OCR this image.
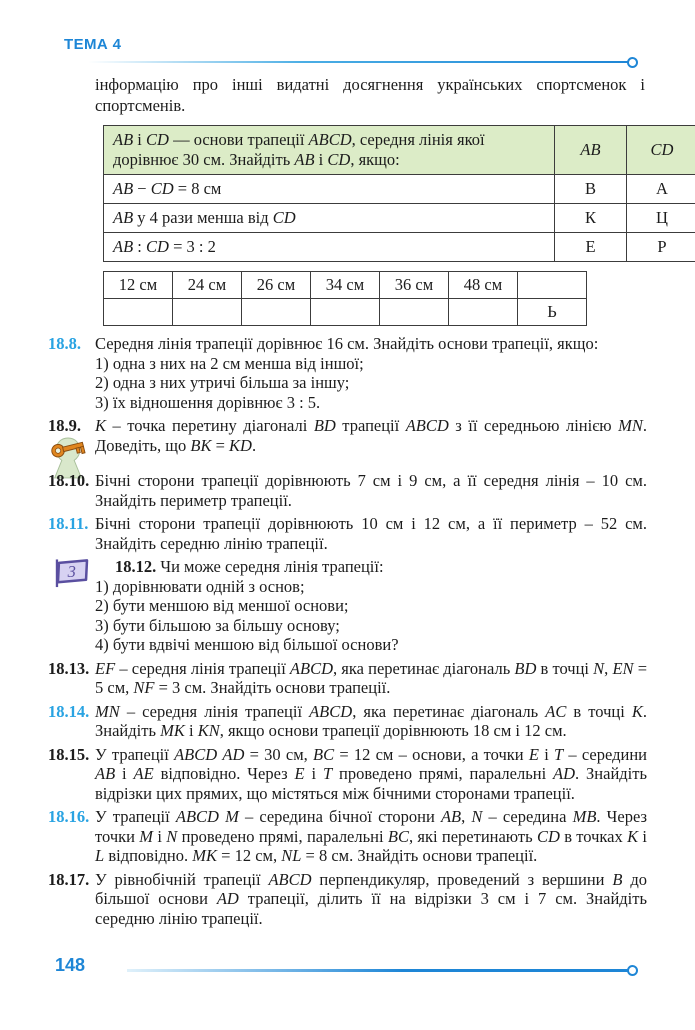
ТЕМА 4

інформацію про інші видатні досягнення українських спортсменок і спортсменів.

AB і CD — основи трапеції ABCD, середня лінія якої дорівнює 30 см. Знайдіть AB і CD, якщо:	AB	CD
AB − CD = 8 см	В	А
AB у 4 рази менша від CD	К	Ц
AB : CD = 3 : 2	Е	Р
12 см	24 см	26 см	34 см	36 см	48 см	
						Ь
18.8. Середня лінія трапеції дорівнює 16 см. Знайдіть основи трапеції, якщо:

1) одна з них на 2 см менша від іншої;

2) одна з них утричі більша за іншу;

3) їх відношення дорівнює 3 : 5.

18.9. K – точка перетину діагоналі BD трапеції ABCD з її середньою лінією MN. Доведіть, що BK = KD.

18.10. Бічні сторони трапеції дорівнюють 7 см і 9 см, а її середня лінія – 10 см. Знайдіть периметр трапеції.

18.11. Бічні сторони трапеції дорівнюють 10 см і 12 см, а її периметр – 52 см. Знайдіть середню лінію трапеції.

3	18.12. Чи може середня лінія трапеції:

1) дорівнювати одній з основ;

2) бути меншою від меншої основи;

3) бути більшою за більшу основу;

4) бути вдвічі меншою від більшої основи?

18.13. EF – середня лінія трапеції ABCD, яка перетинає діагональ BD в точці N, EN = 5 см, NF = 3 см. Знайдіть основи трапеції.

18.14. MN – середня лінія трапеції ABCD, яка перетинає діагональ AC в точці K. Знайдіть MK і KN, якщо основи трапеції дорівнюють 18 см і 12 см.

18.15. У трапеції ABCD AD = 30 см, BC = 12 см – основи, а точки E і T – середини AB і AE відповідно. Через E і T проведено прямі, паралельні AD. Знайдіть відрізки цих прямих, що містяться між бічними сторонами трапеції.

18.16. У трапеції ABCD M – середина бічної сторони AB, N – середина MB. Через точки M і N проведено прямі, паралельні BC, які перетинають CD в точках K і L відповідно. MK = 12 см, NL = 8 см. Знайдіть основи трапеції.

18.17. У рівнобічній трапеції ABCD перпендикуляр, проведений з вершини B до більшої основи AD трапеції, ділить її на відрізки 3 см і 7 см. Знайдіть середню лінію трапеції.

148
